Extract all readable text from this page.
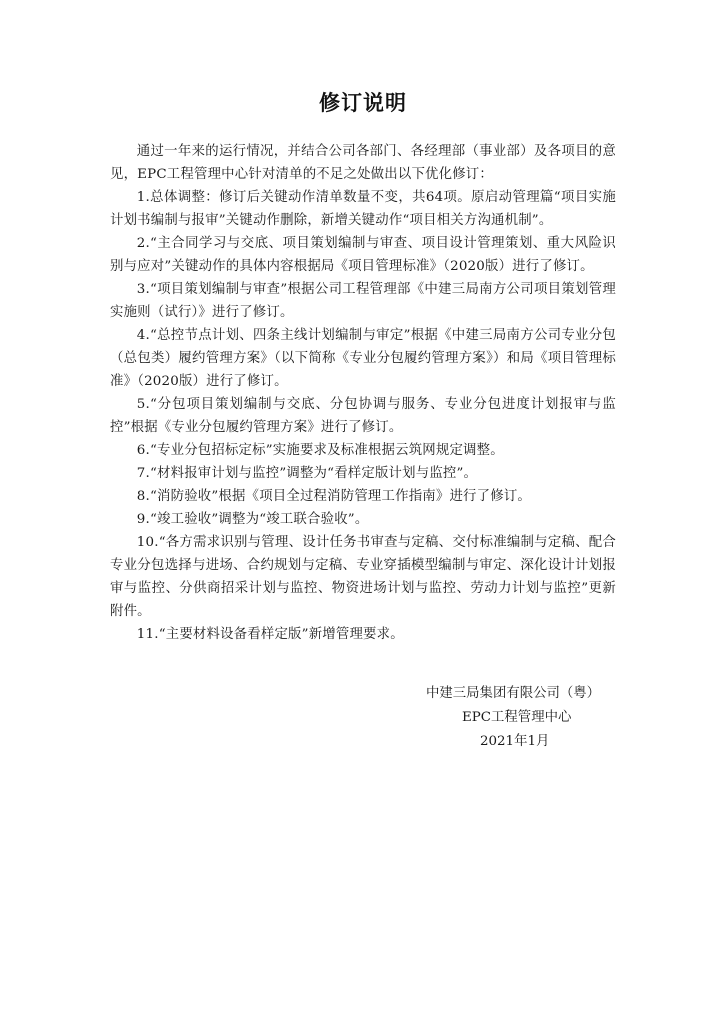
修订说明

通过一年来的运行情况，并结合公司各部门、各经理部（事业部）及各项目的意见，EPC工程管理中心针对清单的不足之处做出以下优化修订：

1.总体调整：修订后关键动作清单数量不变，共64项。原启动管理篇“项目实施计划书编制与报审”关键动作删除，新增关键动作“项目相关方沟通机制”。

2.“主合同学习与交底、项目策划编制与审查、项目设计管理策划、重大风险识别与应对”关键动作的具体内容根据局《项目管理标准》（2020版）进行了修订。

3.“项目策划编制与审查”根据公司工程管理部《中建三局南方公司项目策划管理实施则（试行）》进行了修订。

4.“总控节点计划、四条主线计划编制与审定”根据《中建三局南方公司专业分包（总包类）履约管理方案》（以下简称《专业分包履约管理方案》）和局《项目管理标准》（2020版）进行了修订。

5.“分包项目策划编制与交底、分包协调与服务、专业分包进度计划报审与监控”根据《专业分包履约管理方案》进行了修订。

6.“专业分包招标定标”实施要求及标准根据云筑网规定调整。

7.“材料报审计划与监控”调整为“看样定版计划与监控”。

8.“消防验收”根据《项目全过程消防管理工作指南》进行了修订。

9.“竣工验收”调整为“竣工联合验收”。

10.“各方需求识别与管理、设计任务书审查与定稿、交付标准编制与定稿、配合专业分包选择与进场、合约规划与定稿、专业穿插模型编制与审定、深化设计计划报审与监控、分供商招采计划与监控、物资进场计划与监控、劳动力计划与监控”更新附件。

11.“主要材料设备看样定版”新增管理要求。

中建三局集团有限公司（粤）

EPC工程管理中心

2021年1月
